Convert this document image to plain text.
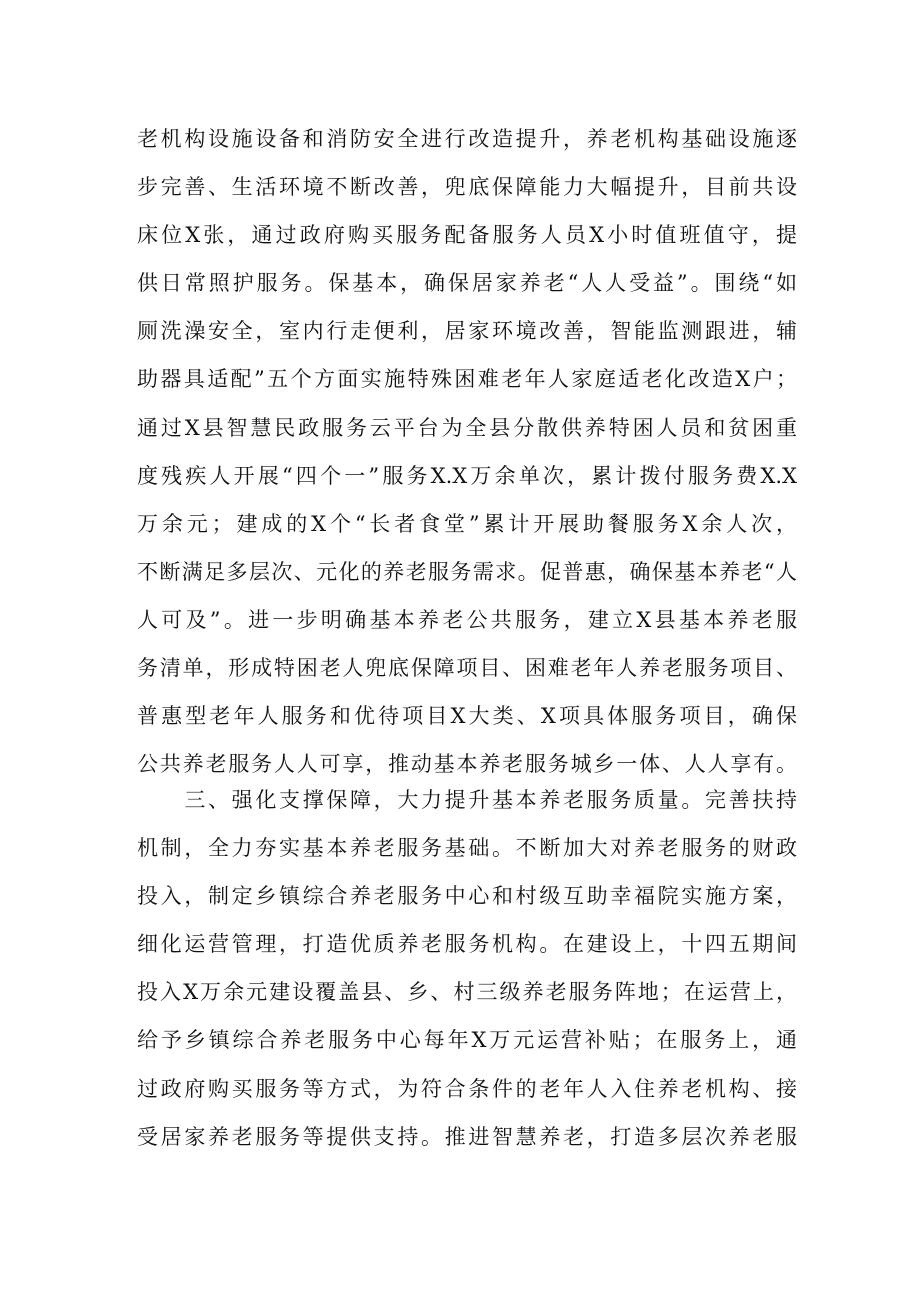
老机构设施设备和消防安全进行改造提升，养老机构基础设施逐
步完善、生活环境不断改善，兜底保障能力大幅提升，目前共设
床位X张，通过政府购买服务配备服务人员X小时值班值守，提
供日常照护服务。保基本，确保居家养老“人人受益”。围绕“如
厕洗澡安全，室内行走便利，居家环境改善，智能监测跟进，辅
助器具适配”五个方面实施特殊困难老年人家庭适老化改造X户；
通过X县智慧民政服务云平台为全县分散供养特困人员和贫困重
度残疾人开展“四个一”服务X.X万余单次，累计拨付服务费X.X
万余元；建成的X个“长者食堂”累计开展助餐服务X余人次，
不断满足多层次、元化的养老服务需求。促普惠，确保基本养老“人
人可及”。进一步明确基本养老公共服务，建立X县基本养老服
务清单，形成特困老人兜底保障项目、困难老年人养老服务项目、
普惠型老年人服务和优待项目X大类、X项具体服务项目，确保
公共养老服务人人可享，推动基本养老服务城乡一体、人人享有。
　　三、强化支撑保障，大力提升基本养老服务质量。完善扶持
机制，全力夯实基本养老服务基础。不断加大对养老服务的财政
投入，制定乡镇综合养老服务中心和村级互助幸福院实施方案，
细化运营管理，打造优质养老服务机构。在建设上，十四五期间
投入X万余元建设覆盖县、乡、村三级养老服务阵地；在运营上，
给予乡镇综合养老服务中心每年X万元运营补贴；在服务上，通
过政府购买服务等方式，为符合条件的老年人入住养老机构、接
受居家养老服务等提供支持。推进智慧养老，打造多层次养老服
